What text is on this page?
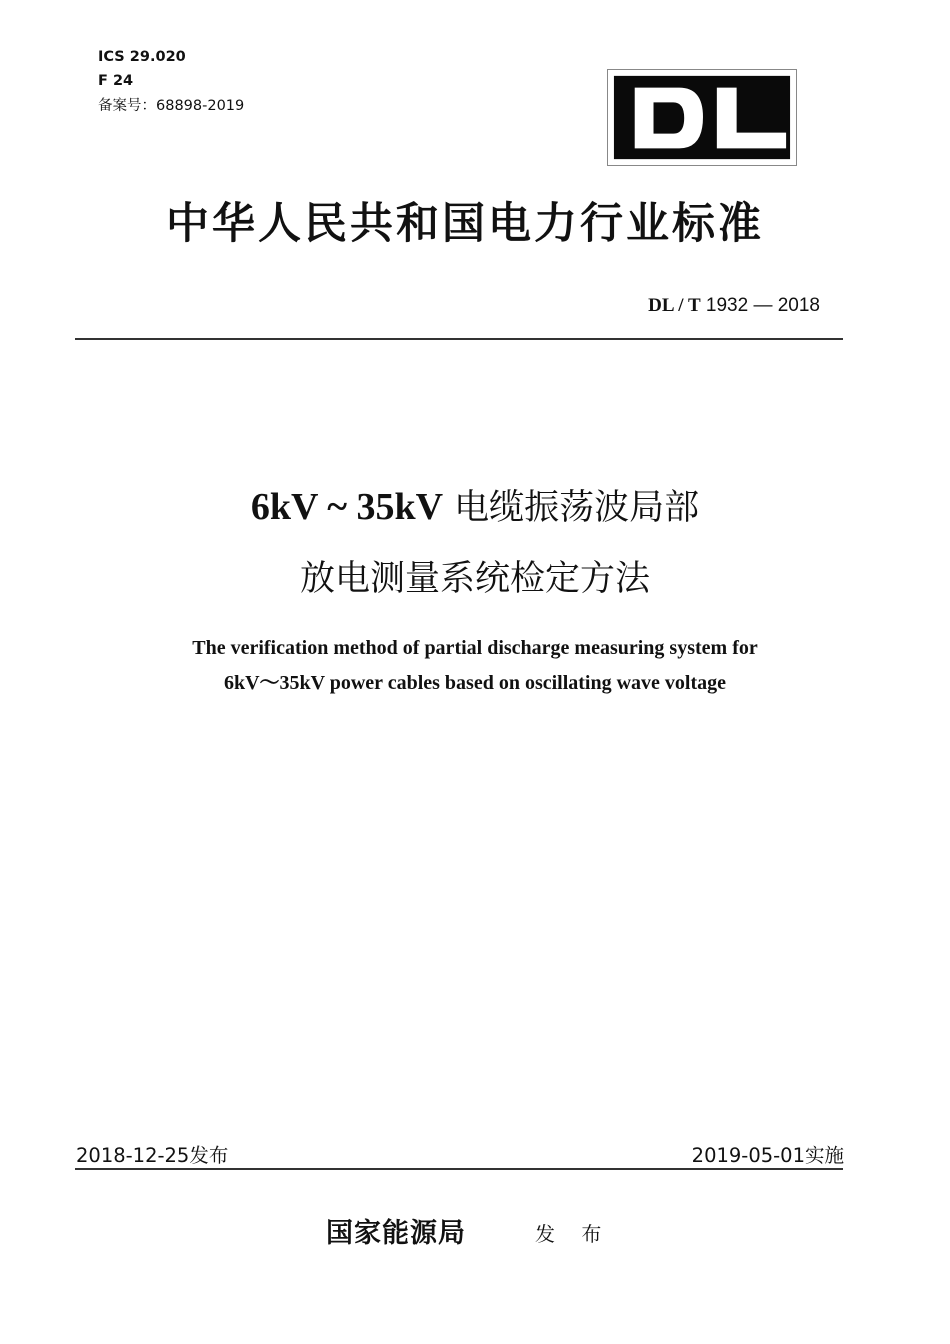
ICS 29.020
F 24
备案号：68898-2019
中华人民共和国电力行业标准
DL / T 1932 — 2018
6kV ~ 35kV 电缆振荡波局部
放电测量系统检定方法
The verification method of partial discharge measuring system for
6kV～35kV power cables based on oscillating wave voltage
2018-12-25发布	2019-05-01实施
国家能源局	发 布
